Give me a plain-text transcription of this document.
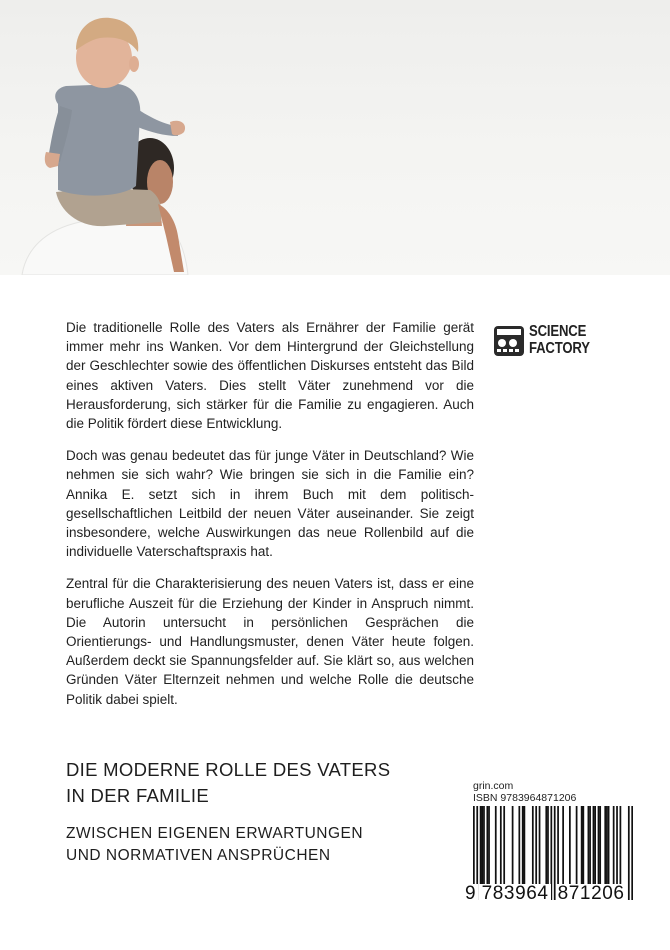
SCIENCE
FACTORY

Die traditionelle Rolle des Vaters als Ernährer der Familie gerät immer mehr ins Wanken. Vor dem Hintergrund der Gleichstellung der Geschlechter sowie des öffentlichen Diskurses entsteht das Bild eines aktiven Vaters. Dies stellt Väter zunehmend vor die Herausforderung, sich stärker für die Familie zu engagieren. Auch die Politik fördert diese Entwicklung.

Doch was genau bedeutet das für junge Väter in Deutschland? Wie nehmen sie sich wahr? Wie bringen sie sich in die Familie ein? Annika E. setzt sich in ihrem Buch mit dem politisch-gesellschaftlichen Leitbild der neuen Väter auseinander. Sie zeigt insbesondere, welche Auswirkungen das neue Rollenbild auf die individuelle Vaterschaftspraxis hat.

Zentral für die Charakterisierung des neuen Vaters ist, dass er eine berufliche Auszeit für die Erziehung der Kinder in Anspruch nimmt. Die Autorin untersucht in persönlichen Gesprächen die Orientierungs- und Handlungsmuster, denen Väter heute folgen. Außerdem deckt sie Spannungsfelder auf. Sie klärt so, aus welchen Gründen Väter Elternzeit nehmen und welche Rolle die deutsche Politik dabei spielt.

DIE MODERNE ROLLE DES VATERS
IN DER FAMILIE
ZWISCHEN EIGENEN ERWARTUNGEN
UND NORMATIVEN ANSPRÜCHEN
grin.com
ISBN 9783964871206
9 783964 871206
